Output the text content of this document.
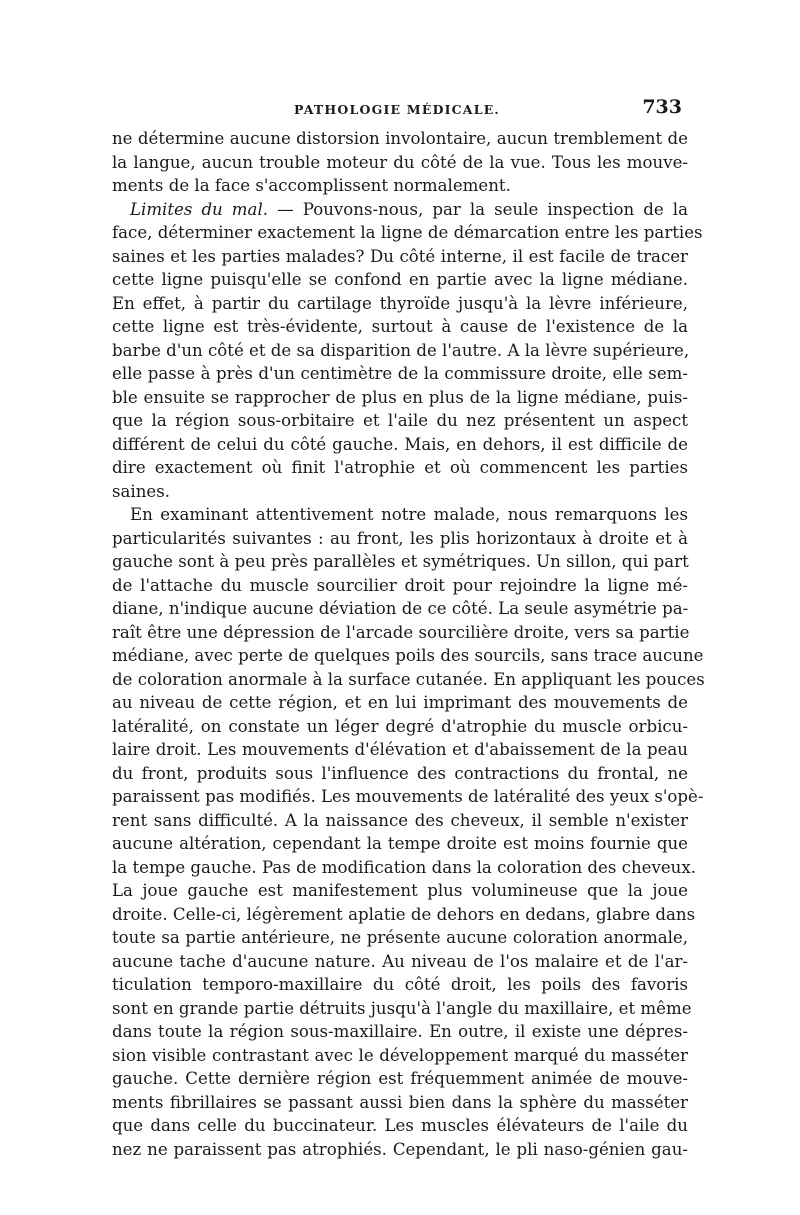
PATHOLOGIE MÉDICALE.	733
ne détermine aucune distorsion involontaire, aucun tremblement de
la langue, aucun trouble moteur du côté de la vue. Tous les mouve-
ments de la face s'accomplissent normalement.
Limites du mal. — Pouvons-nous, par la seule inspection de la
face, déterminer exactement la ligne de démarcation entre les parties
saines et les parties malades? Du côté interne, il est facile de tracer
cette ligne puisqu'elle se confond en partie avec la ligne médiane.
En effet, à partir du cartilage thyroïde jusqu'à la lèvre inférieure,
cette ligne est très-évidente, surtout à cause de l'existence de la
barbe d'un côté et de sa disparition de l'autre. A la lèvre supérieure,
elle passe à près d'un centimètre de la commissure droite, elle sem-
ble ensuite se rapprocher de plus en plus de la ligne médiane, puis-
que la région sous-orbitaire et l'aile du nez présentent un aspect
différent de celui du côté gauche. Mais, en dehors, il est difficile de
dire exactement où finit l'atrophie et où commencent les parties
saines.
En examinant attentivement notre malade, nous remarquons les
particularités suivantes : au front, les plis horizontaux à droite et à
gauche sont à peu près parallèles et symétriques. Un sillon, qui part
de l'attache du muscle sourcilier droit pour rejoindre la ligne mé-
diane, n'indique aucune déviation de ce côté. La seule asymétrie pa-
raît être une dépression de l'arcade sourcilière droite, vers sa partie
médiane, avec perte de quelques poils des sourcils, sans trace aucune
de coloration anormale à la surface cutanée. En appliquant les pouces
au niveau de cette région, et en lui imprimant des mouvements de
latéralité, on constate un léger degré d'atrophie du muscle orbicu-
laire droit. Les mouvements d'élévation et d'abaissement de la peau
du front, produits sous l'influence des contractions du frontal, ne
paraissent pas modifiés. Les mouvements de latéralité des yeux s'opè-
rent sans difficulté. A la naissance des cheveux, il semble n'exister
aucune altération, cependant la tempe droite est moins fournie que
la tempe gauche. Pas de modification dans la coloration des cheveux.
La joue gauche est manifestement plus volumineuse que la joue
droite. Celle-ci, légèrement aplatie de dehors en dedans, glabre dans
toute sa partie antérieure, ne présente aucune coloration anormale,
aucune tache d'aucune nature. Au niveau de l'os malaire et de l'ar-
ticulation temporo-maxillaire du côté droit, les poils des favoris
sont en grande partie détruits jusqu'à l'angle du maxillaire, et même
dans toute la région sous-maxillaire. En outre, il existe une dépres-
sion visible contrastant avec le développement marqué du masséter
gauche. Cette dernière région est fréquemment animée de mouve-
ments fibrillaires se passant aussi bien dans la sphère du masséter
que dans celle du buccinateur. Les muscles élévateurs de l'aile du
nez ne paraissent pas atrophiés. Cependant, le pli naso-génien gau-
